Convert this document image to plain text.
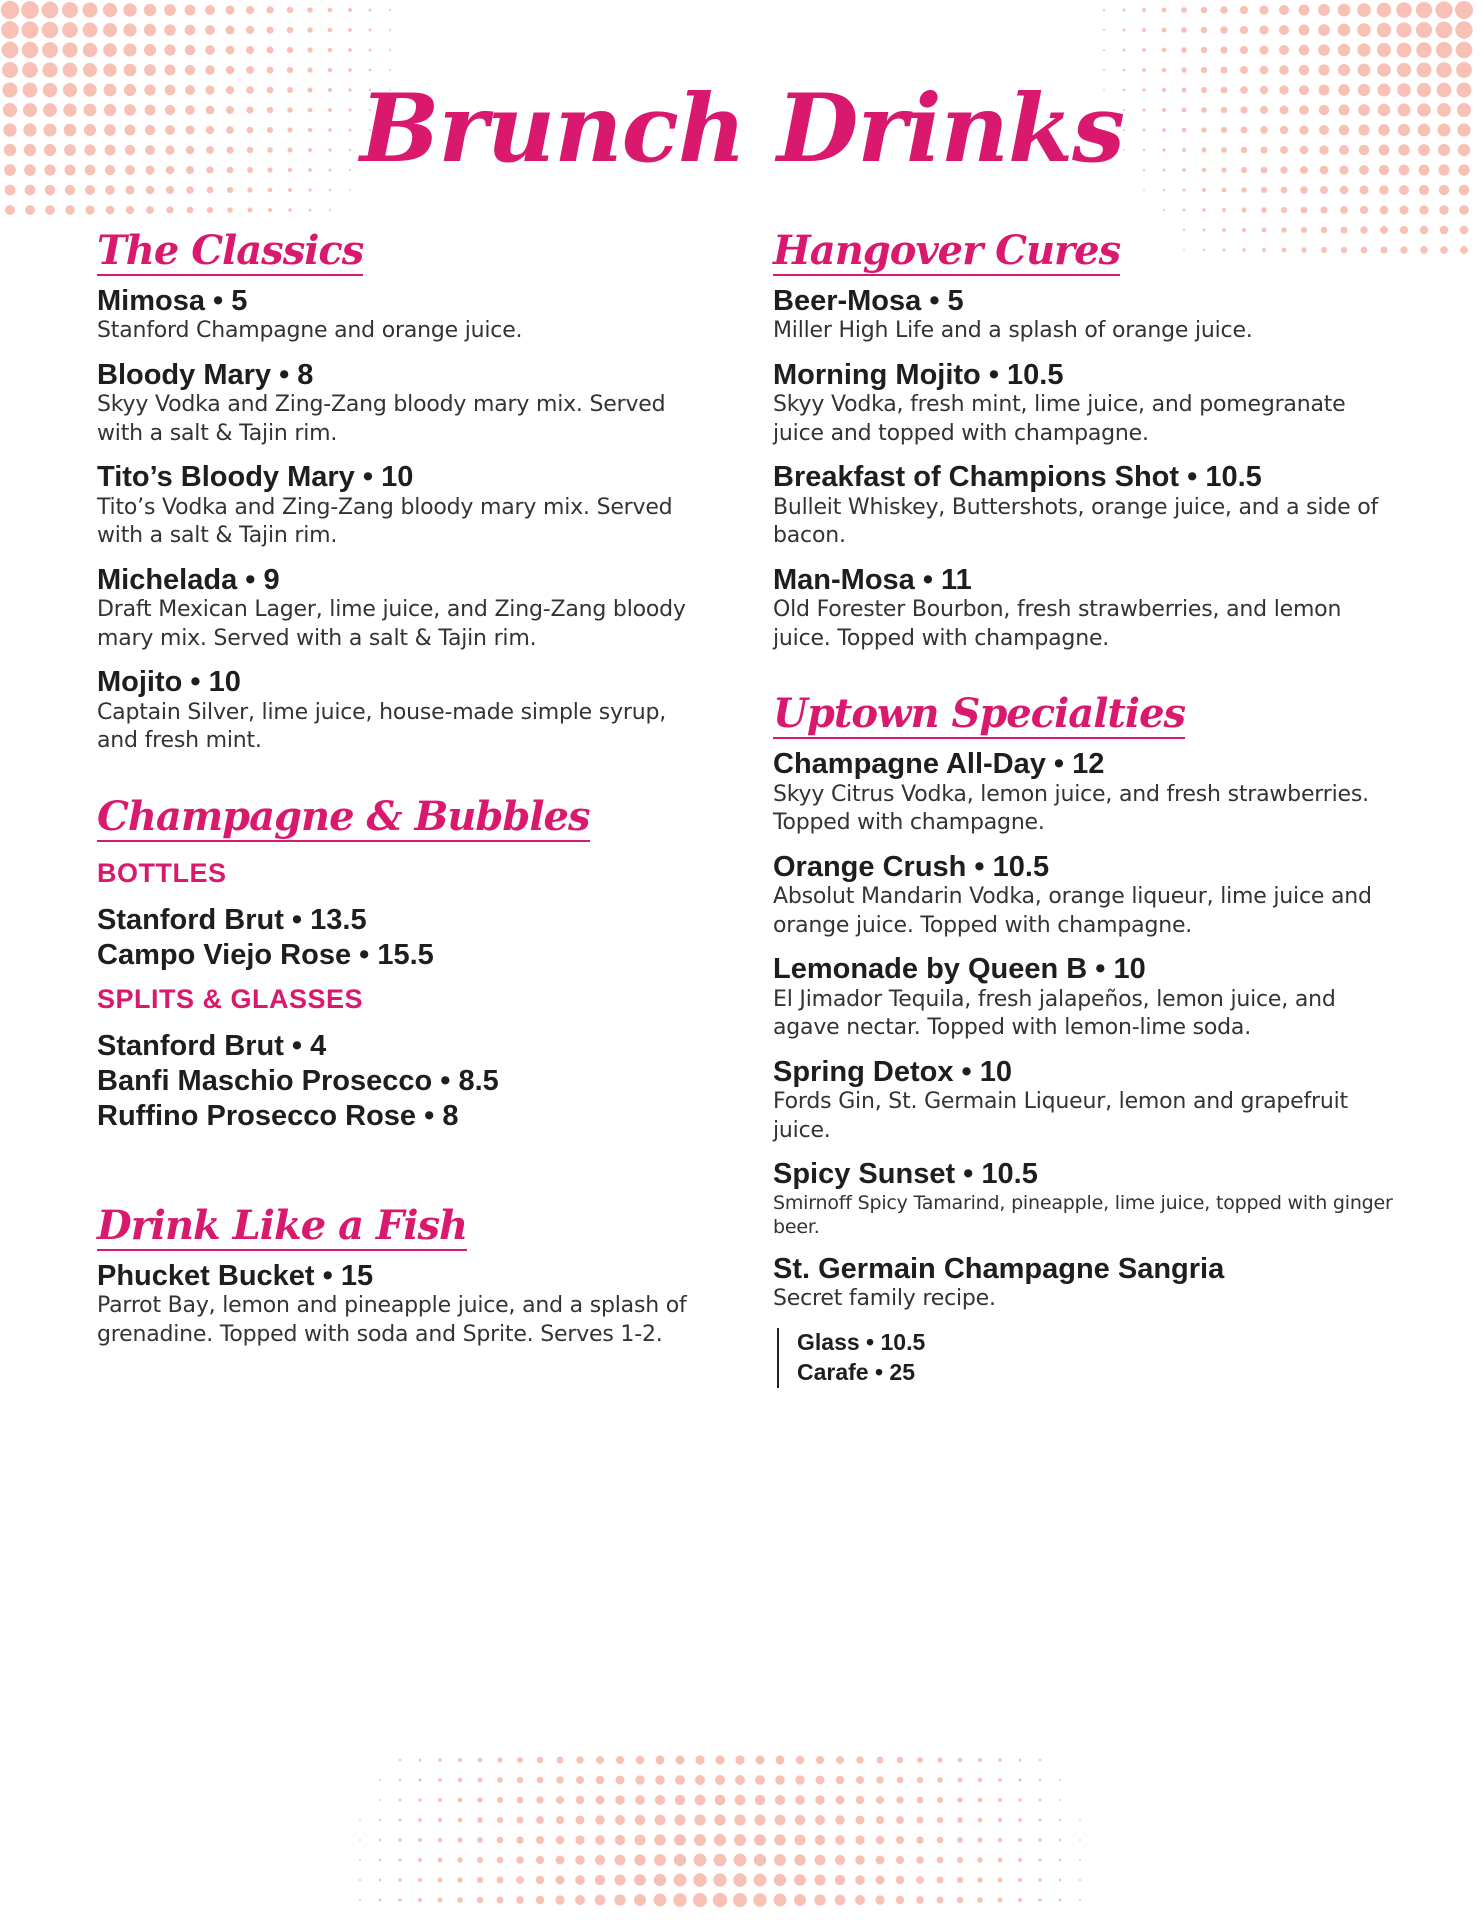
Brunch Drinks
The Classics
Mimosa • 5
Stanford Champagne and orange juice.
Bloody Mary • 8
Skyy Vodka and Zing-Zang bloody mary mix. Served with a salt & Tajin rim.
Tito’s Bloody Mary • 10
Tito’s Vodka and Zing-Zang bloody mary mix. Served with a salt & Tajin rim.
Michelada • 9
Draft Mexican Lager, lime juice, and Zing-Zang bloody mary mix. Served with a salt & Tajin rim.
Mojito • 10
Captain Silver, lime juice, house-made simple syrup, and fresh mint.
Champagne & Bubbles
BOTTLES
Stanford Brut • 13.5
Campo Viejo Rose • 15.5
SPLITS & GLASSES
Stanford Brut • 4
Banfi Maschio Prosecco • 8.5
Ruffino Prosecco Rose • 8
Drink Like a Fish
Phucket Bucket • 15
Parrot Bay, lemon and pineapple juice, and a splash of grenadine. Topped with soda and Sprite. Serves 1-2.
Hangover Cures
Beer-Mosa • 5
Miller High Life and a splash of orange juice.
Morning Mojito • 10.5
Skyy Vodka, fresh mint, lime juice, and pomegranate juice and topped with champagne.
Breakfast of Champions Shot • 10.5
Bulleit Whiskey, Buttershots, orange juice, and a side of bacon.
Man-Mosa • 11
Old Forester Bourbon, fresh strawberries, and lemon juice. Topped with champagne.
Uptown Specialties
Champagne All-Day • 12
Skyy Citrus Vodka, lemon juice, and fresh strawberries. Topped with champagne.
Orange Crush • 10.5
Absolut Mandarin Vodka, orange liqueur, lime juice and orange juice. Topped with champagne.
Lemonade by Queen B • 10
El Jimador Tequila, fresh jalapeños, lemon juice, and agave nectar. Topped with lemon-lime soda.
Spring Detox • 10
Fords Gin, St. Germain Liqueur, lemon and grapefruit juice.
Spicy Sunset • 10.5
Smirnoff Spicy Tamarind, pineapple, lime juice, topped with ginger beer.
St. Germain Champagne Sangria
Secret family recipe.
Glass • 10.5
Carafe • 25
